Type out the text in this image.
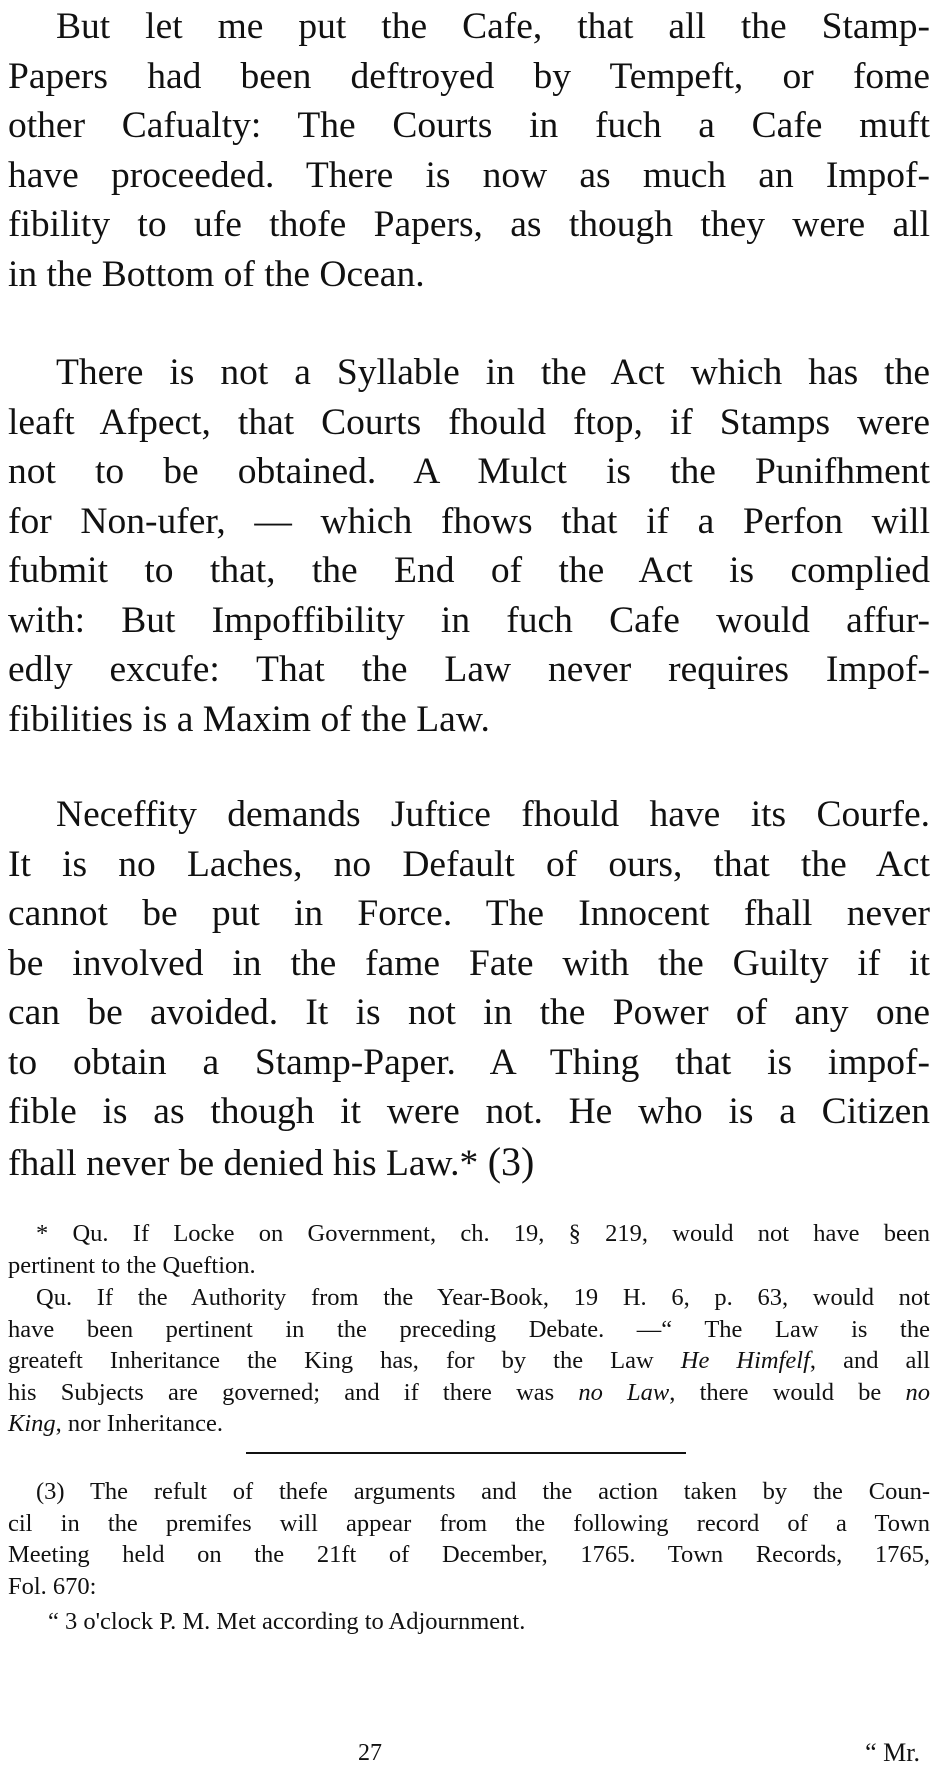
But let me put the Cafe, that all the Stamp-
Papers had been deftroyed by Tempeft, or fome
other Cafualty: The Courts in fuch a Cafe muft
have proceeded. There is now as much an Impof-
fibility to ufe thofe Papers, as though they were all
in the Bottom of the Ocean.
There is not a Syllable in the Act which has the
leaft Afpect, that Courts fhould ftop, if Stamps were
not to be obtained. A Mulct is the Punifhment
for Non-ufer, — which fhows that if a Perfon will
fubmit to that, the End of the Act is complied
with: But Impoffibility in fuch Cafe would affur-
edly excufe: That the Law never requires Impof-
fibilities is a Maxim of the Law.
Neceffity demands Juftice fhould have its Courfe.
It is no Laches, no Default of ours, that the Act
cannot be put in Force. The Innocent fhall never
be involved in the fame Fate with the Guilty if it
can be avoided. It is not in the Power of any one
to obtain a Stamp-Paper. A Thing that is impof-
fible is as though it were not. He who is a Citizen
fhall never be denied his Law.* (3)
* Qu. If Locke on Government, ch. 19, § 219, would not have been
pertinent to the Queftion.
Qu. If the Authority from the Year-Book, 19 H. 6, p. 63, would not
have been pertinent in the preceding Debate. —“ The Law is the
greateft Inheritance the King has, for by the Law He Himfelf, and all
his Subjects are governed; and if there was no Law, there would be no
King, nor Inheritance.
(3) The refult of thefe arguments and the action taken by the Coun-
cil in the premifes will appear from the following record of a Town
Meeting held on the 21ft of December, 1765. Town Records, 1765,
Fol. 670:
“ 3 o'clock P. M. Met according to Adjournment.
27	“ Mr.
